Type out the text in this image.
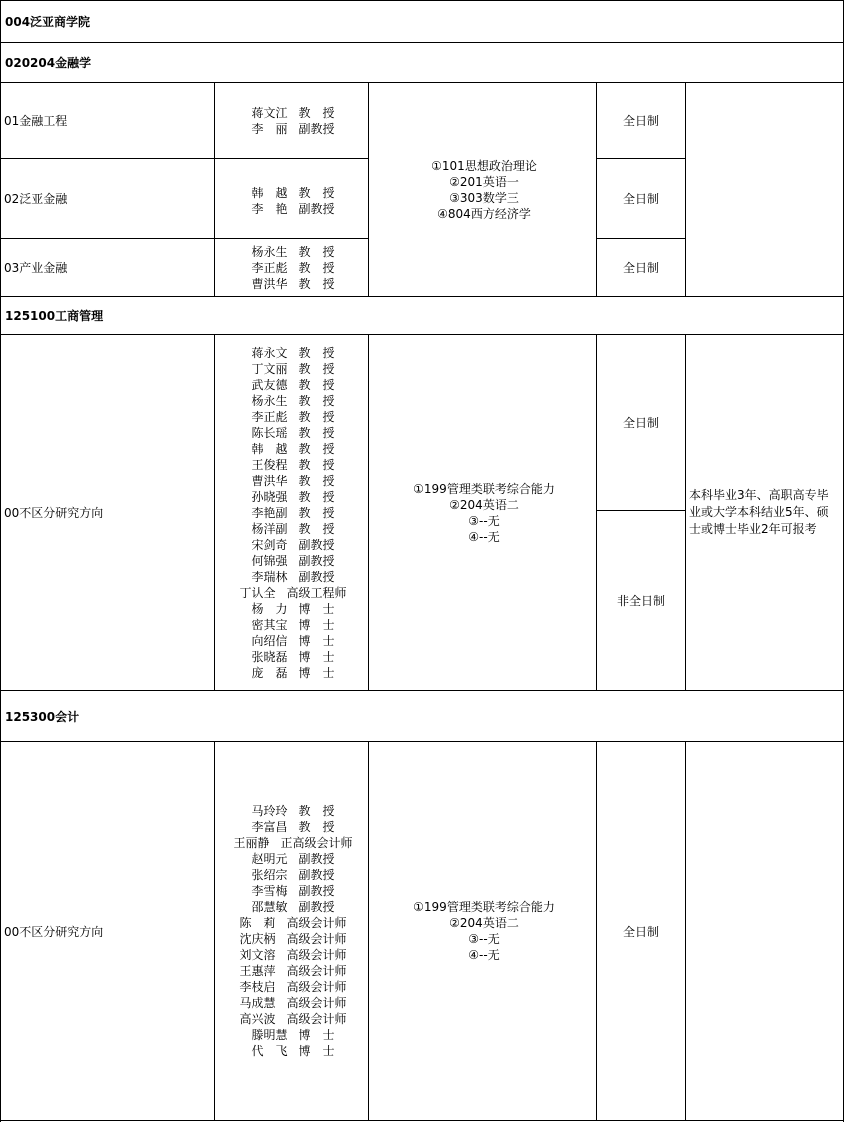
004泛亚商学院
020204金融学
01金融工程
蒋文江 教　授
李　丽 副教授
全日制
02泛亚金融	韩　越 教　授
李　艳 副教授
全日制
03产业金融
杨永生 教　授
李正彪 教　授
曹洪华 教　授
全日制
①101思想政治理论
②201英语一
③303数学三
④804西方经济学
125100工商管理
00不区分研究方向
蒋永文 教　授
丁文丽 教　授
武友德 教　授
杨永生 教　授
李正彪 教　授
陈长瑶 教　授
韩　越 教　授
王俊程 教　授
曹洪华 教　授
孙晓强 教　授
李艳副 教　授
杨洋副 教　授
宋剑奇 副教授
何锦强 副教授
李瑞林 副教授
丁认全 高级工程师
杨　力 博　士
密其宝 博　士
向绍信 博　士
张晓磊 博　士
庞　磊 博　士
①199管理类联考综合能力
②204英语二
③--无
④--无
全日制
非全日制
本科毕业3年、高职高专毕业或大学本科结业5年、硕士或博士毕业2年可报考
125300会计
00不区分研究方向
马玲玲 教　授
李富昌 教　授
王丽静 正高级会计师
赵明元 副教授
张绍宗 副教授
李雪梅 副教授
邵慧敏 副教授
陈　莉 高级会计师
沈庆柄 高级会计师
刘文溶 高级会计师
王惠萍 高级会计师
李枝启 高级会计师
马成慧 高级会计师
高兴波 高级会计师
滕明慧 博　士
代　飞 博　士
①199管理类联考综合能力
②204英语二
③--无
④--无
全日制
